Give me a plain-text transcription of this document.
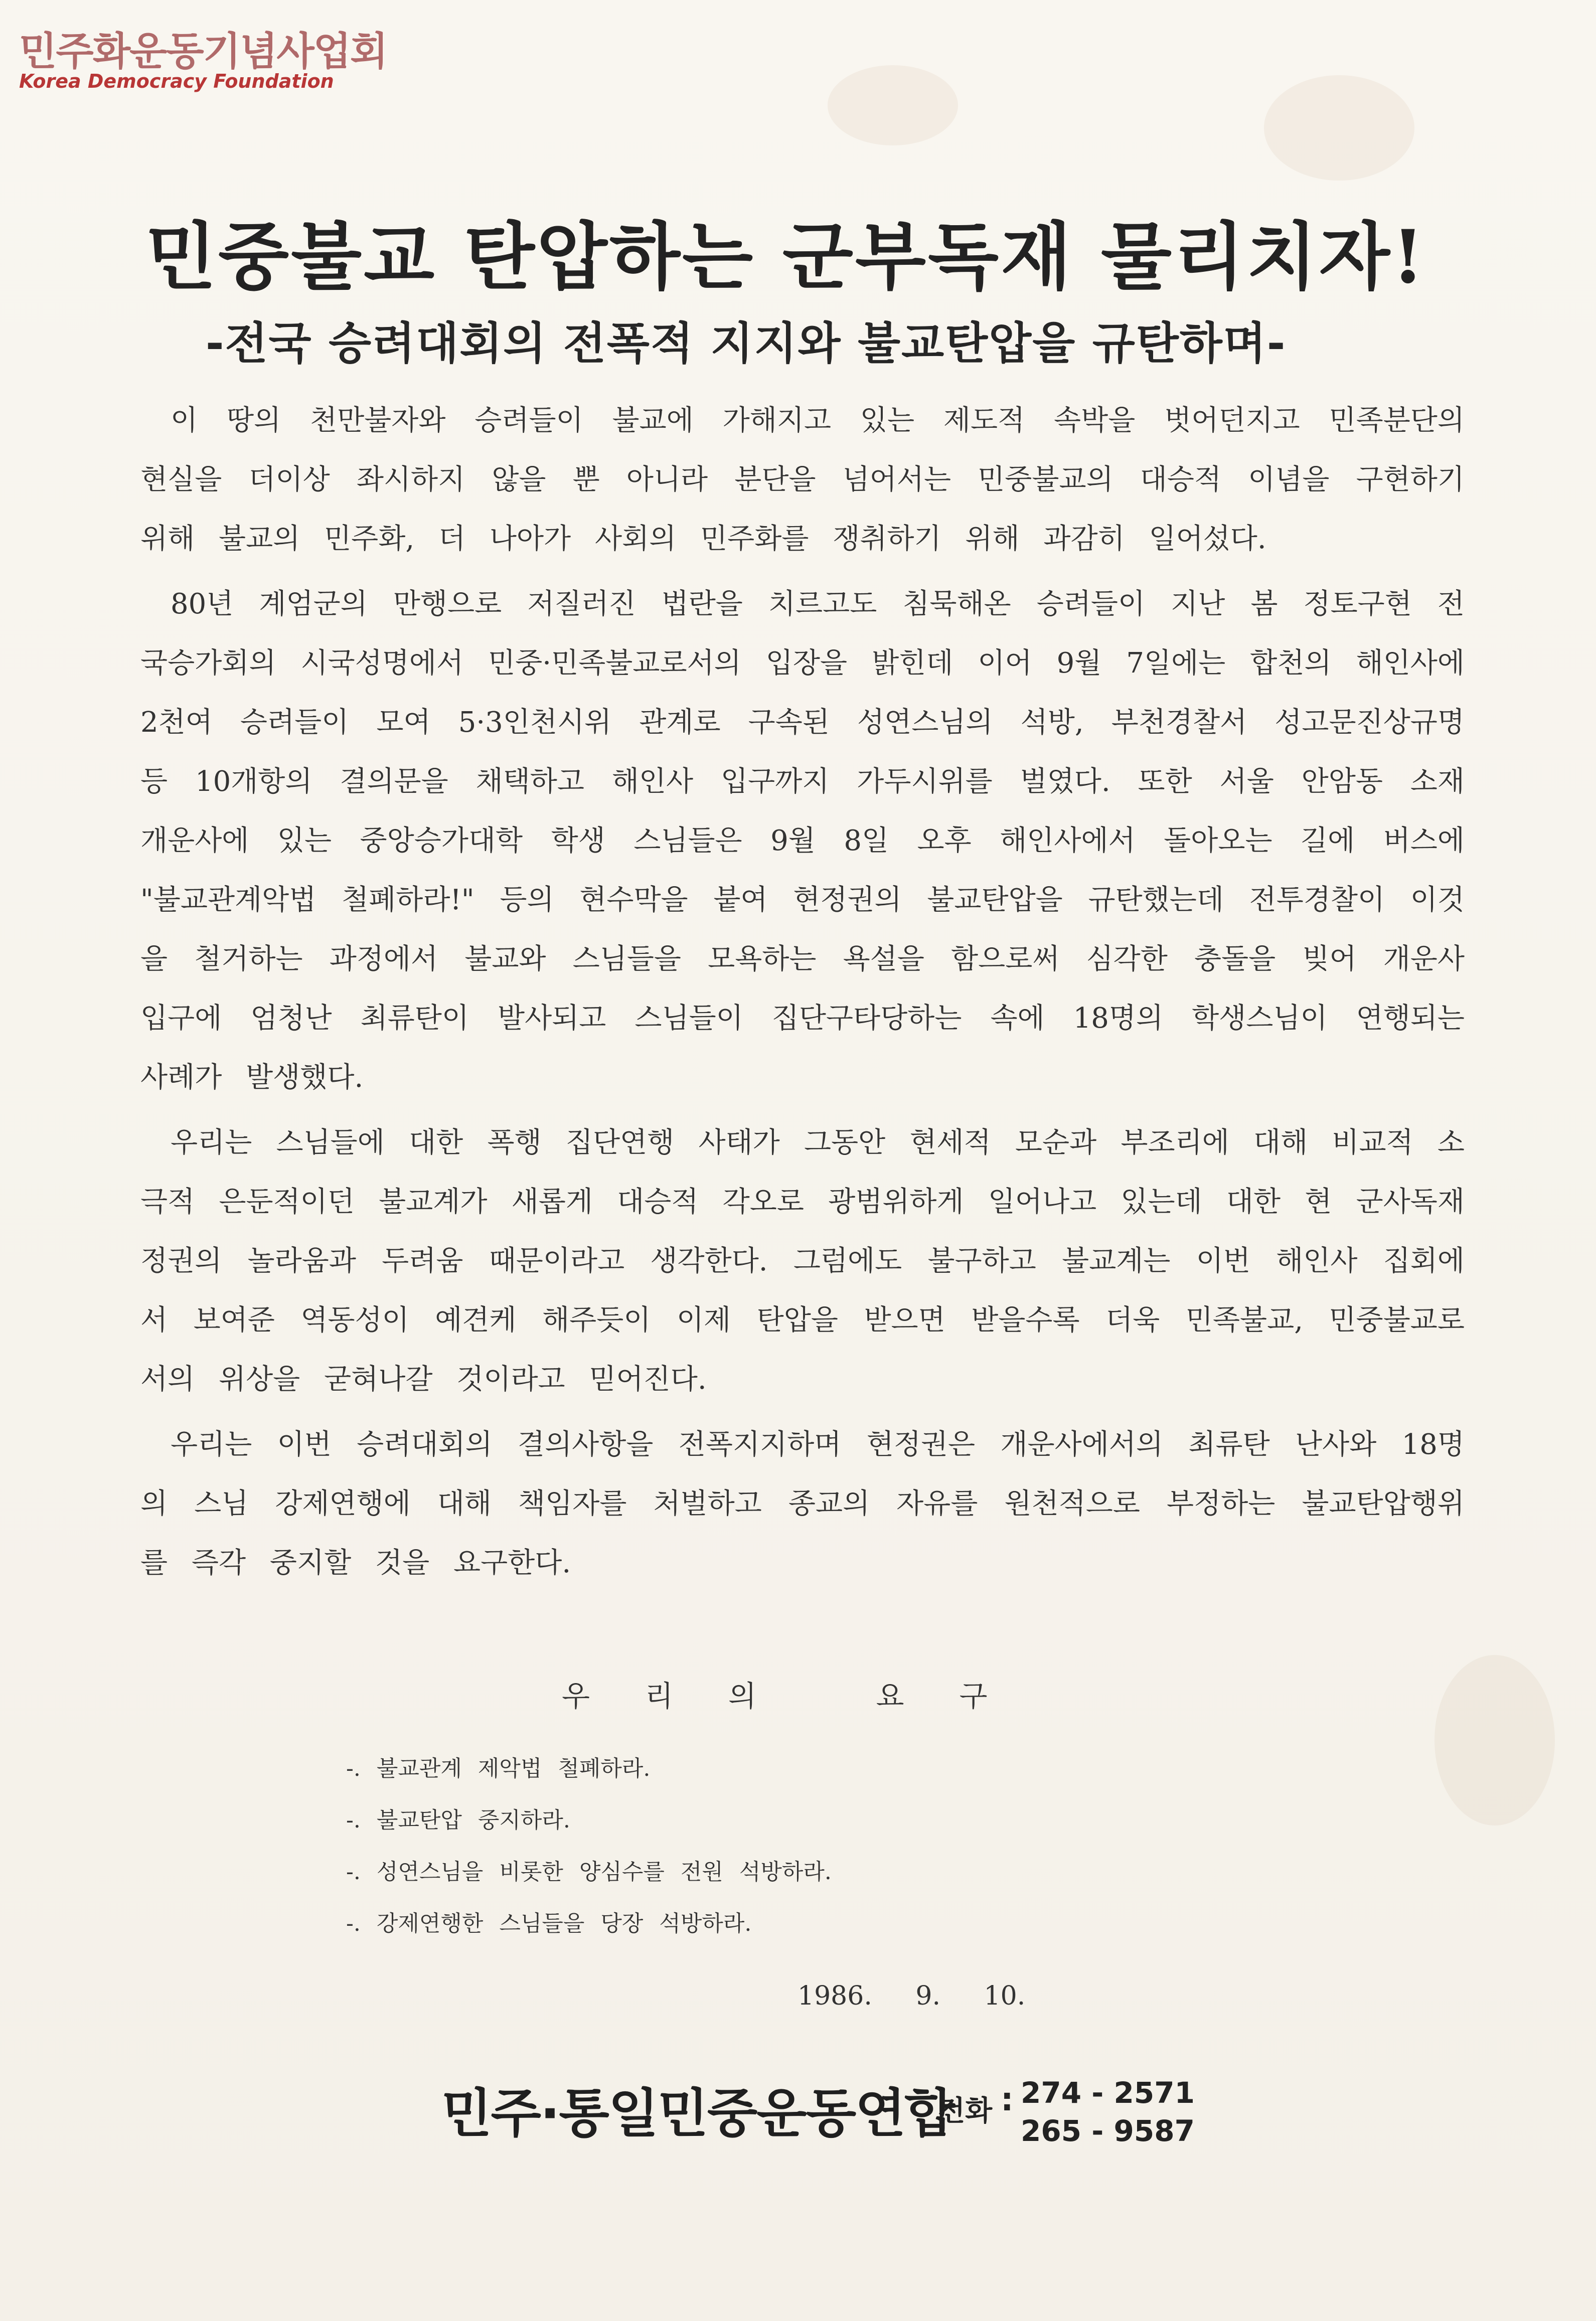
민주화운동기념사업회
Korea Democracy Foundation
민중불교 탄압하는 군부독재 물리치자!
-전국 승려대회의 전폭적 지지와 불교탄압을 규탄하며-

이 땅의 천만불자와 승려들이 불교에 가해지고 있는 제도적 속박을 벗어던지고 민족분단의 현실을 더이상 좌시하지 않을 뿐 아니라 분단을 넘어서는 민중불교의 대승적 이념을 구현하기 위해 불교의 민주화, 더 나아가 사회의 민주화를 쟁취하기 위해 과감히 일어섰다.

80년 계엄군의 만행으로 저질러진 법란을 치르고도 침묵해온 승려들이 지난 봄 정토구현 전국승가회의 시국성명에서 민중·민족불교로서의 입장을 밝힌데 이어 9월 7일에는 합천의 해인사에 2천여 승려들이 모여 5·3인천시위 관계로 구속된 성연스님의 석방, 부천경찰서 성고문진상규명 등 10개항의 결의문을 채택하고 해인사 입구까지 가두시위를 벌였다. 또한 서울 안암동 소재 개운사에 있는 중앙승가대학 학생 스님들은 9월 8일 오후 해인사에서 돌아오는 길에 버스에 "불교관계악법 철폐하라!" 등의 현수막을 붙여 현정권의 불교탄압을 규탄했는데 전투경찰이 이것을 철거하는 과정에서 불교와 스님들을 모욕하는 욕설을 함으로써 심각한 충돌을 빚어 개운사 입구에 엄청난 최류탄이 발사되고 스님들이 집단구타당하는 속에 18명의 학생스님이 연행되는 사례가 발생했다.

우리는 스님들에 대한 폭행 집단연행 사태가 그동안 현세적 모순과 부조리에 대해 비교적 소극적 은둔적이던 불교계가 새롭게 대승적 각오로 광범위하게 일어나고 있는데 대한 현 군사독재정권의 놀라움과 두려움 때문이라고 생각한다. 그럼에도 불구하고 불교계는 이번 해인사 집회에서 보여준 역동성이 예견케 해주듯이 이제 탄압을 받으면 받을수록 더욱 민족불교, 민중불교로서의 위상을 굳혀나갈 것이라고 믿어진다.

우리는 이번 승려대회의 결의사항을 전폭지지하며 현정권은 개운사에서의 최류탄 난사와 18명의 스님 강제연행에 대해 책임자를 처벌하고 종교의 자유를 원천적으로 부정하는 불교탄압행위를 즉각 중지할 것을 요구한다.

우리의 요구
-. 불교관계 제악법 철폐하라.
-. 불교탄압 중지하라.
-. 성연스님을 비롯한 양심수를 전원 석방하라.
-. 강제연행한 스님들을 당장 석방하라.
1986. 9. 10.
민주·통일민중운동연합
전화 : 274 - 2571
265 - 9587
